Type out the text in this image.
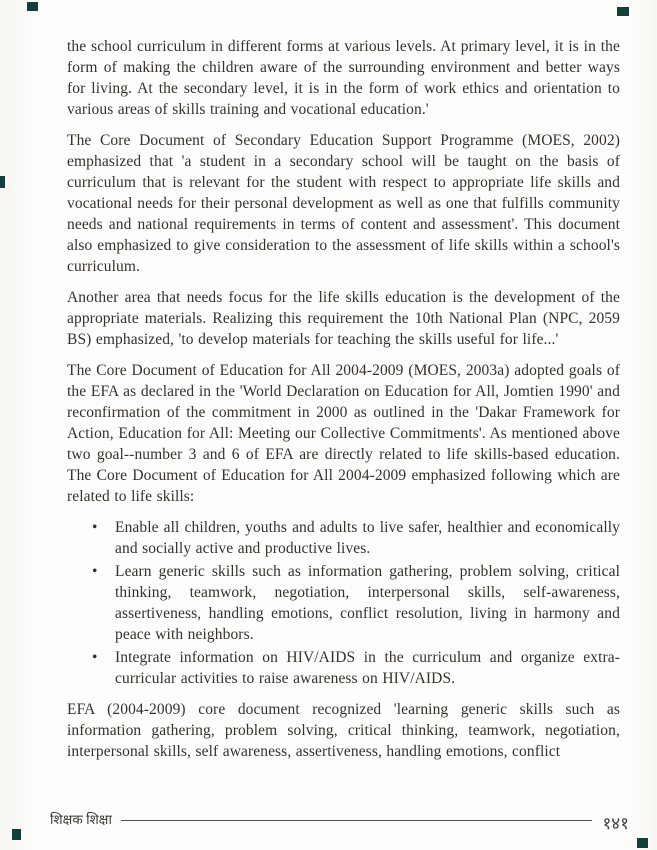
the school curriculum in different forms at various levels. At primary level, it is in the form of making the children aware of the surrounding environment and better ways for living. At the secondary level, it is in the form of work ethics and orientation to various areas of skills training and vocational education.'

The Core Document of Secondary Education Support Programme (MOES, 2002) emphasized that 'a student in a secondary school will be taught on the basis of curriculum that is relevant for the student with respect to appropriate life skills and vocational needs for their personal development as well as one that fulfills community needs and national requirements in terms of content and assessment'. This document also emphasized to give consideration to the assessment of life skills within a school's curriculum.

Another area that needs focus for the life skills education is the development of the appropriate materials. Realizing this requirement the 10th National Plan (NPC, 2059 BS) emphasized, 'to develop materials for teaching the skills useful for life...'

The Core Document of Education for All 2004-2009 (MOES, 2003a) adopted goals of the EFA as declared in the 'World Declaration on Education for All, Jomtien 1990' and reconfirmation of the commitment in 2000 as outlined in the 'Dakar Framework for Action, Education for All: Meeting our Collective Commitments'. As mentioned above two goal--number 3 and 6 of EFA are directly related to life skills-based education. The Core Document of Education for All 2004-2009 emphasized following which are related to life skills:

• Enable all children, youths and adults to live safer, healthier and economically and socially active and productive lives.
• Learn generic skills such as information gathering, problem solving, critical thinking, teamwork, negotiation, interpersonal skills, self-awareness, assertiveness, handling emotions, conflict resolution, living in harmony and peace with neighbors.
• Integrate information on HIV/AIDS in the curriculum and organize extra-curricular activities to raise awareness on HIV/AIDS.

EFA (2004-2009) core document recognized 'learning generic skills such as information gathering, problem solving, critical thinking, teamwork, negotiation, interpersonal skills, self awareness, assertiveness, handling emotions, conflict

शिक्षक शिक्षा	१४१
